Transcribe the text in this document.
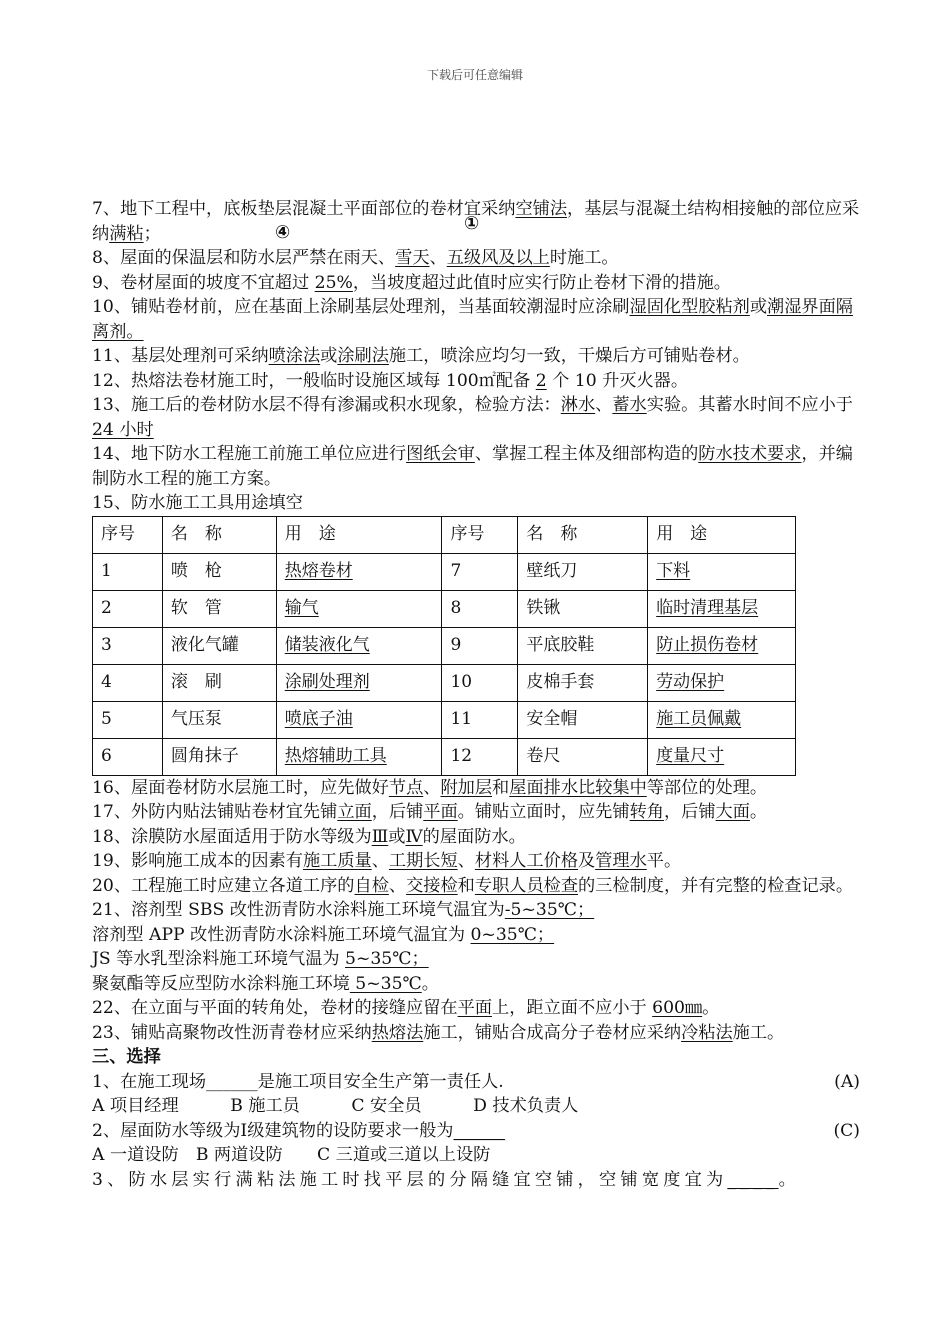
下载后可任意编辑
①
④

7、地下工程中，底板垫层混凝土平面部位的卷材宜采纳空铺法，基层与混凝土结构相接触的部位应采纳满粘；

8、屋面的保温层和防水层严禁在雨天、雪天、五级风及以上时施工。

9、卷材屋面的坡度不宜超过 25%，当坡度超过此值时应实行防止卷材下滑的措施。

10、铺贴卷材前，应在基面上涂刷基层处理剂，当基面较潮湿时应涂刷湿固化型胶粘剂或潮湿界面隔离剂。

11、基层处理剂可采纳喷涂法或涂刷法施工，喷涂应均匀一致，干燥后方可铺贴卷材。

12、热熔法卷材施工时，一般临时设施区域每 100㎡配备 2 个 10 升灭火器。

13、施工后的卷材防水层不得有渗漏或积水现象，检验方法：淋水、蓄水实验。其蓄水时间不应小于 24 小时

14、地下防水工程施工前施工单位应进行图纸会审、掌握工程主体及细部构造的防水技术要求，并编制防水工程的施工方案。

15、防水施工工具用途填空

序号	名　称	用　途	序号	名　称	用　途
1	喷　枪	热熔卷材	7	壁纸刀	下料
2	软　管	输气	8	铁锹	临时清理基层
3	液化气罐	储装液化气	9	平底胶鞋	防止损伤卷材
4	滚　刷	涂刷处理剂	10	皮棉手套	劳动保护
5	气压泵	喷底子油	11	安全帽	施工员佩戴
6	圆角抹子	热熔辅助工具	12	卷尺	度量尺寸

16、屋面卷材防水层施工时，应先做好节点、附加层和屋面排水比较集中等部位的处理。

17、外防内贴法铺贴卷材宜先铺立面，后铺平面。铺贴立面时，应先铺转角，后铺大面。

18、涂膜防水屋面适用于防水等级为Ⅲ或Ⅳ的屋面防水。

19、影响施工成本的因素有施工质量、工期长短、材料人工价格及管理水平。

20、工程施工时应建立各道工序的自检、交接检和专职人员检查的三检制度，并有完整的检查记录。

21、溶剂型 SBS 改性沥青防水涂料施工环境气温宜为-5~35℃；

溶剂型 APP 改性沥青防水涂料施工环境气温宜为 0~35℃；

JS 等水乳型涂料施工环境气温为 5~35℃；

聚氨酯等反应型防水涂料施工环境 5~35℃。

22、在立面与平面的转角处，卷材的接缝应留在平面上，距立面不应小于 600㎜。

23、铺贴高聚物改性沥青卷材应采纳热熔法施工，铺贴合成高分子卷材应采纳冷粘法施工。

三、选择

1、在施工现场______是施工项目安全生产第一责任人.	(A)

A 项目经理　　　B 施工员　　　C 安全员　　　D 技术负责人

2、屋面防水等级为Ⅰ级建筑物的设防要求一般为______	(C)

A 一道设防　B 两道设防　　C 三道或三道以上设防

3、防水层实行满粘法施工时找平层的分隔缝宜空铺，空铺宽度宜为____。
